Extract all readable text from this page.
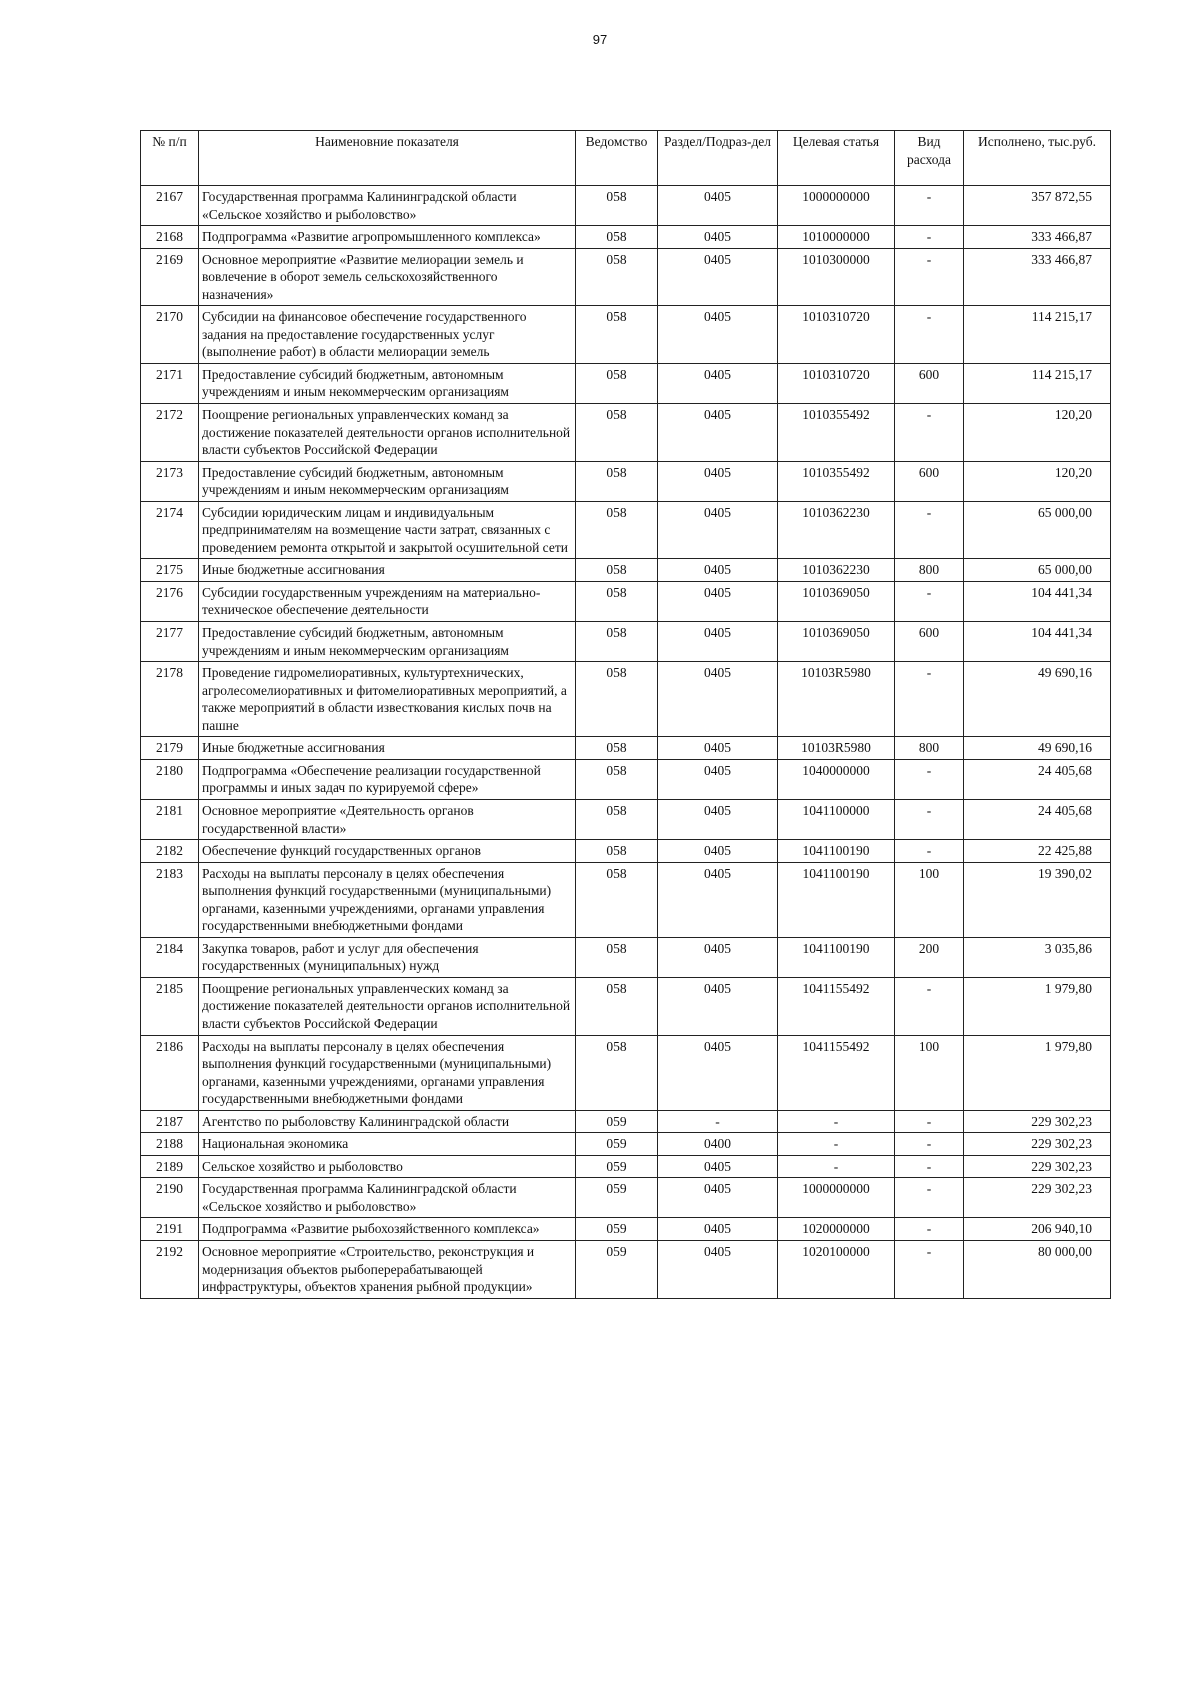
97
№ п/п	Наименовние показателя	Ведомство	Раздел/Подраз-дел	Целевая статья	Вид расхода	Исполнено, тыс.руб.
2167	Государственная программа Калининградской области «Сельское хозяйство и рыболовство»	058	0405	1000000000	-	357 872,55
2168	Подпрограмма «Развитие агропромышленного комплекса»	058	0405	1010000000	-	333 466,87
2169	Основное мероприятие «Развитие мелиорации земель и вовлечение в оборот земель сельскохозяйственного назначения»	058	0405	1010300000	-	333 466,87
2170	Субсидии на финансовое обеспечение государственного задания на предоставление государственных услуг (выполнение работ) в области мелиорации земель	058	0405	1010310720	-	114 215,17
2171	Предоставление субсидий бюджетным, автономным учреждениям и иным некоммерческим организациям	058	0405	1010310720	600	114 215,17
2172	Поощрение региональных управленческих команд за достижение показателей деятельности органов исполнительной власти субъектов Российской Федерации	058	0405	1010355492	-	120,20
2173	Предоставление субсидий бюджетным, автономным учреждениям и иным некоммерческим организациям	058	0405	1010355492	600	120,20
2174	Субсидии юридическим лицам и индивидуальным предпринимателям на возмещение части затрат, связанных с проведением ремонта открытой и закрытой осушительной сети	058	0405	1010362230	-	65 000,00
2175	Иные бюджетные ассигнования	058	0405	1010362230	800	65 000,00
2176	Субсидии государственным учреждениям на материально-техническое обеспечение деятельности	058	0405	1010369050	-	104 441,34
2177	Предоставление субсидий бюджетным, автономным учреждениям и иным некоммерческим организациям	058	0405	1010369050	600	104 441,34
2178	Проведение гидромелиоративных, культуртехнических, агролесомелиоративных и фитомелиоративных мероприятий, а также мероприятий в области известкования кислых почв на пашне	058	0405	10103R5980	-	49 690,16
2179	Иные бюджетные ассигнования	058	0405	10103R5980	800	49 690,16
2180	Подпрограмма «Обеспечение реализации государственной программы и иных задач по курируемой сфере»	058	0405	1040000000	-	24 405,68
2181	Основное мероприятие «Деятельность органов государственной власти»	058	0405	1041100000	-	24 405,68
2182	Обеспечение функций государственных органов	058	0405	1041100190	-	22 425,88
2183	Расходы на выплаты персоналу в целях обеспечения выполнения функций государственными (муниципальными) органами, казенными учреждениями, органами управления государственными внебюджетными фондами	058	0405	1041100190	100	19 390,02
2184	Закупка товаров, работ и услуг для обеспечения государственных (муниципальных) нужд	058	0405	1041100190	200	3 035,86
2185	Поощрение региональных управленческих команд за достижение показателей деятельности органов исполнительной власти субъектов Российской Федерации	058	0405	1041155492	-	1 979,80
2186	Расходы на выплаты персоналу в целях обеспечения выполнения функций государственными (муниципальными) органами, казенными учреждениями, органами управления государственными внебюджетными фондами	058	0405	1041155492	100	1 979,80
2187	Агентство по рыболовству Калининградской области	059	-	-	-	229 302,23
2188	Национальная экономика	059	0400	-	-	229 302,23
2189	Сельское хозяйство и рыболовство	059	0405	-	-	229 302,23
2190	Государственная программа Калининградской области «Сельское хозяйство и рыболовство»	059	0405	1000000000	-	229 302,23
2191	Подпрограмма «Развитие рыбохозяйственного комплекса»	059	0405	1020000000	-	206 940,10
2192	Основное мероприятие «Строительство, реконструкция и модернизация объектов рыбоперерабатывающей инфраструктуры, объектов хранения рыбной продукции»	059	0405	1020100000	-	80 000,00
